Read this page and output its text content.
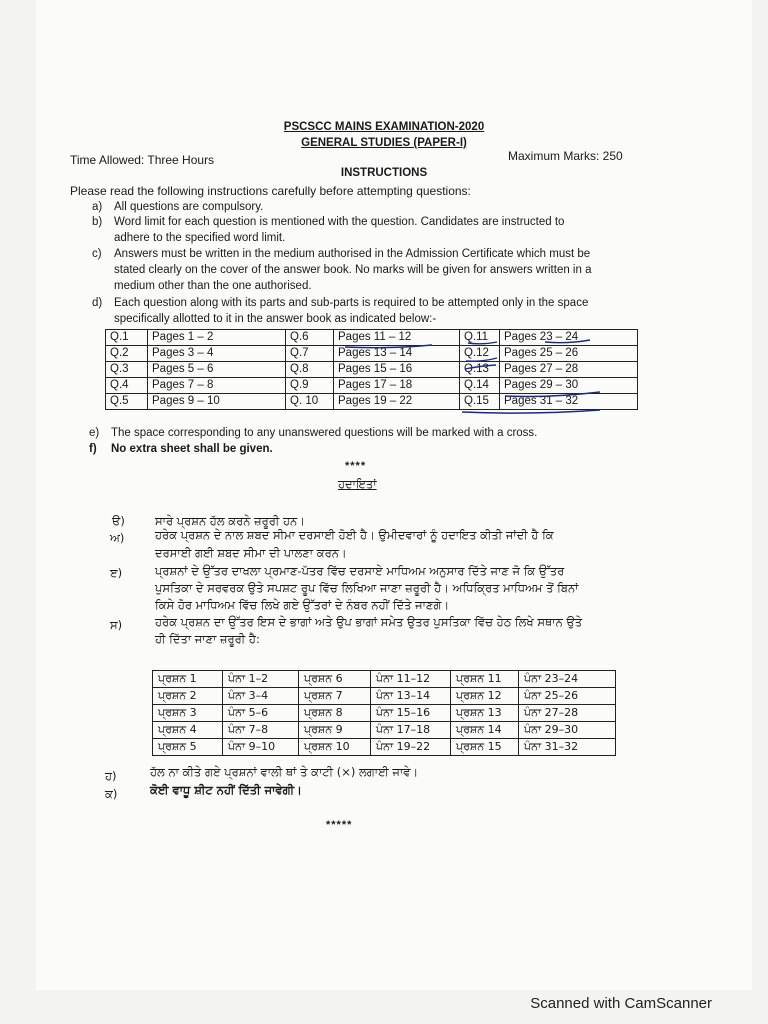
PSCSCC MAINS EXAMINATION-2020
GENERAL STUDIES (PAPER-I)
Time Allowed: Three Hours	Maximum Marks: 250
INSTRUCTIONS
Please read the following instructions carefully before attempting questions:
a) All questions are compulsory.
b) Word limit for each question is mentioned with the question. Candidates are instructed to
adhere to the specified word limit.
c) Answers must be written in the medium authorised in the Admission Certificate which must be
stated clearly on the cover of the answer book. No marks will be given for answers written in a
medium other than the one authorised.
d) Each question along with its parts and sub-parts is required to be attempted only in the space
specifically allotted to it in the answer book as indicated below:-
Q.1	Pages 1 – 2	Q.6	Pages 11 – 12	Q.11	Pages 23 – 24
Q.2	Pages 3 – 4	Q.7	Pages 13 – 14	Q.12	Pages 25 – 26
Q.3	Pages 5 – 6	Q.8	Pages 15 – 16	Q.13	Pages 27 – 28
Q.4	Pages 7 – 8	Q.9	Pages 17 – 18	Q.14	Pages 29 – 30
Q.5	Pages 9 – 10	Q. 10	Pages 19 – 22	Q.15	Pages 31 – 32
e) The space corresponding to any unanswered questions will be marked with a cross.
f) No extra sheet shall be given.
****
ਹਦਾਇਤਾਂ
ੳ)	ਸਾਰੇ ਪ੍ਰਸ਼ਨ ਹੱਲ ਕਰਨੇ ਜ਼ਰੂਰੀ ਹਨ।
ਅ)	ਹਰੇਕ ਪ੍ਰਸ਼ਨ ਦੇ ਨਾਲ ਸ਼ਬਦ ਸੀਮਾ ਦਰਸਾਈ ਹੋਈ ਹੈ। ਉਮੀਦਵਾਰਾਂ ਨੂੰ ਹਦਾਇਤ ਕੀਤੀ ਜਾਂਦੀ ਹੈ ਕਿ
ਦਰਸਾਈ ਗਈ ਸ਼ਬਦ ਸੀਮਾ ਦੀ ਪਾਲਣਾ ਕਰਨ।
ੲ)	ਪ੍ਰਸ਼ਨਾਂ ਦੇ ਉੱਤਰ ਦਾਖਲਾ ਪ੍ਰਮਾਣ-ਪੱਤਰ ਵਿੱਚ ਦਰਸਾਏ ਮਾਧਿਅਮ ਅਨੁਸਾਰ ਦਿੱਤੇ ਜਾਣ ਜੋ ਕਿ ਉੱਤਰ
ਪੁਸਤਿਕਾ ਦੇ ਸਰਵਰਕ ਉਤੇ ਸਪਸ਼ਟ ਰੂਪ ਵਿੱਚ ਲਿਖਿਆ ਜਾਣਾ ਜ਼ਰੂਰੀ ਹੈ। ਅਧਿਕ੍ਰਿਤ ਮਾਧਿਅਮ ਤੋਂ ਬਿਨਾਂ
ਕਿਸੇ ਹੋਰ ਮਾਧਿਅਮ ਵਿੱਚ ਲਿਖੇ ਗਏ ਉੱਤਰਾਂ ਦੇ ਨੰਬਰ ਨਹੀਂ ਦਿੱਤੇ ਜਾਣਗੇ।
ਸ)	ਹਰੇਕ ਪ੍ਰਸ਼ਨ ਦਾ ਉੱਤਰ ਇਸ ਦੇ ਭਾਗਾਂ ਅਤੇ ਉਪ ਭਾਗਾਂ ਸਮੇਤ ਉਤਰ ਪੁਸਤਿਕਾ ਵਿੱਚ ਹੇਠ ਲਿਖੇ ਸਥਾਨ ਉਤੇ
ਹੀ ਦਿੱਤਾ ਜਾਣਾ ਜ਼ਰੂਰੀ ਹੈ:
ਪ੍ਰਸ਼ਨ 1	ਪੰਨਾ 1–2	ਪ੍ਰਸ਼ਨ 6	ਪੰਨਾ 11–12	ਪ੍ਰਸ਼ਨ 11	ਪੰਨਾ 23–24
ਪ੍ਰਸ਼ਨ 2	ਪੰਨਾ 3–4	ਪ੍ਰਸ਼ਨ 7	ਪੰਨਾ 13–14	ਪ੍ਰਸ਼ਨ 12	ਪੰਨਾ 25–26
ਪ੍ਰਸ਼ਨ 3	ਪੰਨਾ 5–6	ਪ੍ਰਸ਼ਨ 8	ਪੰਨਾ 15–16	ਪ੍ਰਸ਼ਨ 13	ਪੰਨਾ 27–28
ਪ੍ਰਸ਼ਨ 4	ਪੰਨਾ 7–8	ਪ੍ਰਸ਼ਨ 9	ਪੰਨਾ 17–18	ਪ੍ਰਸ਼ਨ 14	ਪੰਨਾ 29–30
ਪ੍ਰਸ਼ਨ 5	ਪੰਨਾ 9–10	ਪ੍ਰਸ਼ਨ 10	ਪੰਨਾ 19–22	ਪ੍ਰਸ਼ਨ 15	ਪੰਨਾ 31–32
ਹ)	ਹੱਲ ਨਾ ਕੀਤੇ ਗਏ ਪ੍ਰਸ਼ਨਾਂ ਵਾਲੀ ਥਾਂ ਤੇ ਕਾਟੀ (×) ਲਗਾਈ ਜਾਵੇ।
ਕ)	ਕੋਈ ਵਾਧੂ ਸ਼ੀਟ ਨਹੀਂ ਦਿੱਤੀ ਜਾਵੇਗੀ।
*****
Scanned with CamScanner
